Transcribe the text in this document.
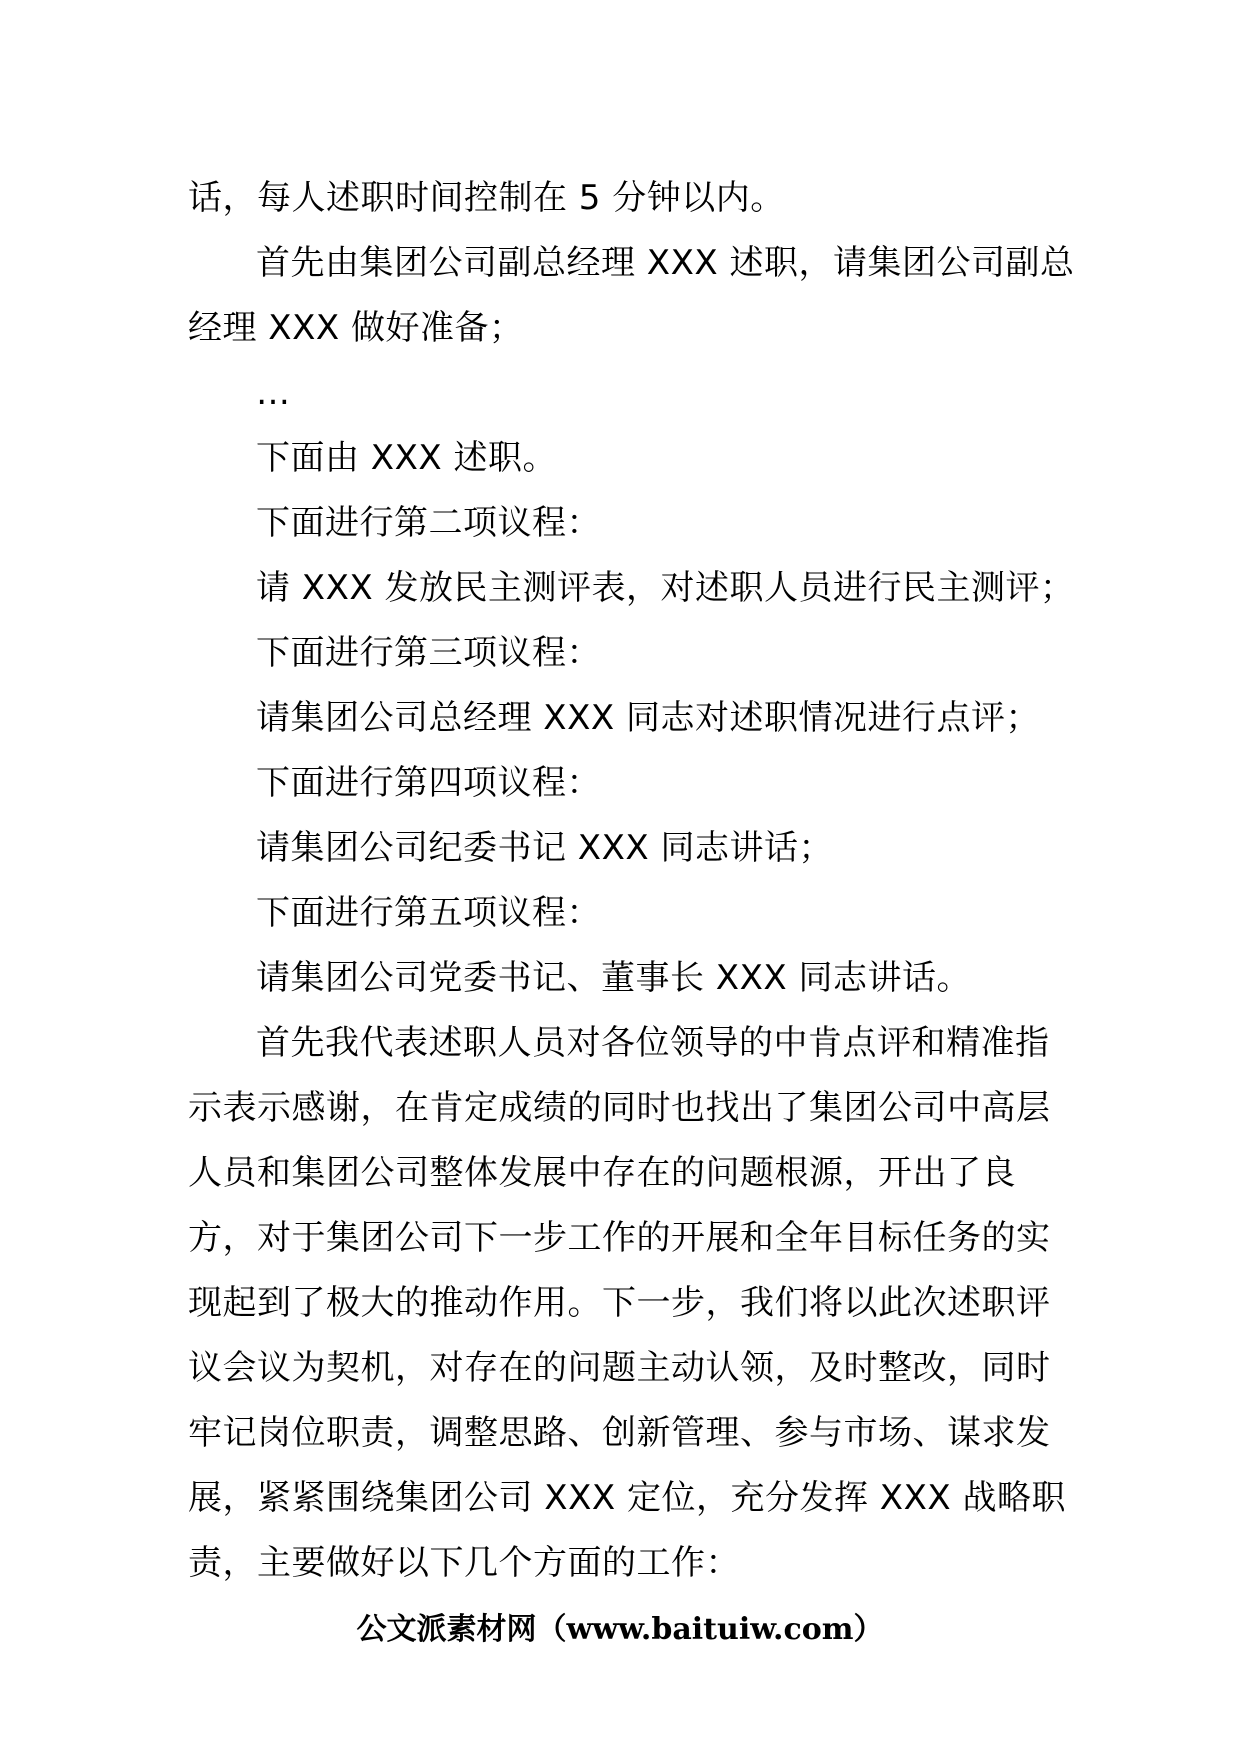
话，每人述职时间控制在 5 分钟以内。
首先由集团公司副总经理 XXX 述职，请集团公司副总
经理 XXX 做好准备；
…
下面由 XXX 述职。
下面进行第二项议程：
请 XXX 发放民主测评表，对述职人员进行民主测评；
下面进行第三项议程：
请集团公司总经理 XXX 同志对述职情况进行点评；
下面进行第四项议程：
请集团公司纪委书记 XXX 同志讲话；
下面进行第五项议程：
请集团公司党委书记、董事长 XXX 同志讲话。
首先我代表述职人员对各位领导的中肯点评和精准指
示表示感谢，在肯定成绩的同时也找出了集团公司中高层
人员和集团公司整体发展中存在的问题根源，开出了良
方，对于集团公司下一步工作的开展和全年目标任务的实
现起到了极大的推动作用。下一步，我们将以此次述职评
议会议为契机，对存在的问题主动认领，及时整改，同时
牢记岗位职责，调整思路、创新管理、参与市场、谋求发
展，紧紧围绕集团公司 XXX 定位，充分发挥 XXX 战略职
责，主要做好以下几个方面的工作：
公文派素材网（www.baituiw.com）
